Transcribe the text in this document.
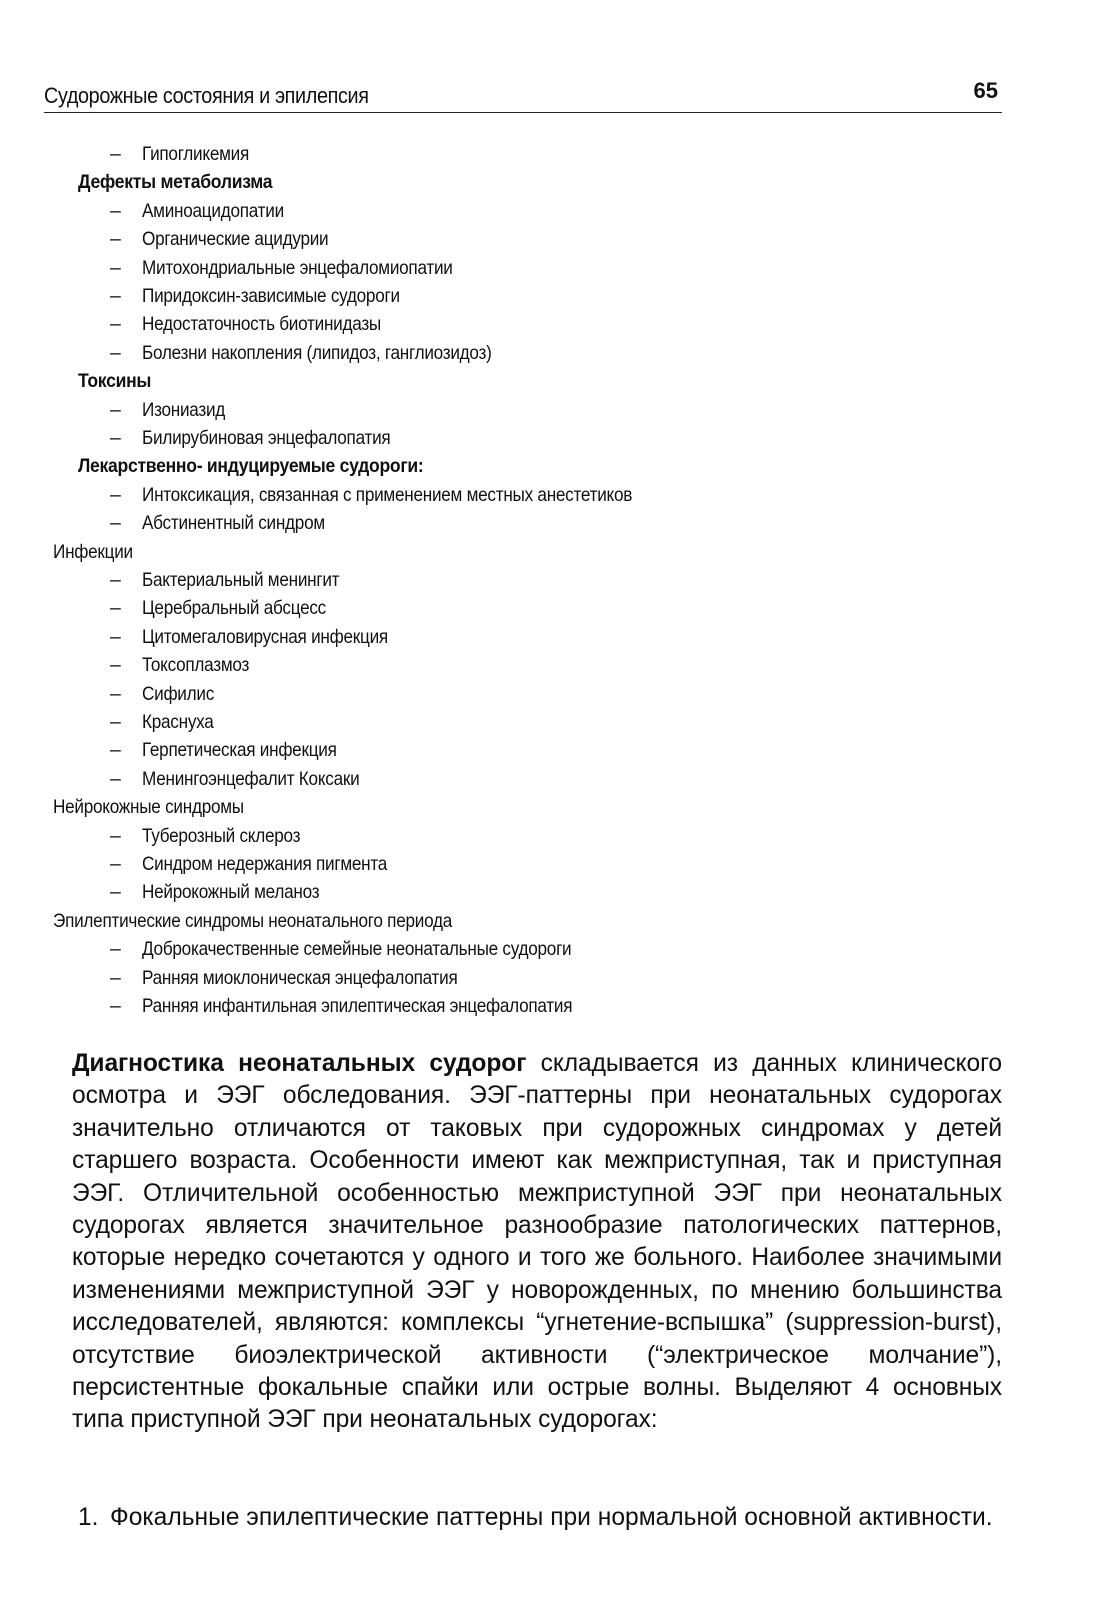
Судорожные состояния и эпилепсия	65
– Гипогликемия
Дефекты метаболизма
– Аминоацидопатии
– Органические ацидурии
– Митохондриальные энцефаломиопатии
– Пиридоксин-зависимые судороги
– Недостаточность биотинидазы
– Болезни накопления (липидоз, ганглиозидоз)
Токсины
– Изониазид
– Билирубиновая энцефалопатия
Лекарственно- индуцируемые судороги:
– Интоксикация, связанная с применением местных анестетиков
– Абстинентный синдром
Инфекции
– Бактериальный менингит
– Церебральный абсцесс
– Цитомегаловирусная инфекция
– Токсоплазмоз
– Сифилис
– Краснуха
– Герпетическая инфекция
– Менингоэнцефалит Коксаки
Нейрокожные синдромы
– Туберозный склероз
– Синдром недержания пигмента
– Нейрокожный меланоз
Эпилептические синдромы неонатального периода
– Доброкачественные семейные неонатальные судороги
– Ранняя миоклоническая энцефалопатия
– Ранняя инфантильная эпилептическая энцефалопатия
Диагностика неонатальных судорог складывается из данных клинического осмотра и ЭЭГ обследования. ЭЭГ-паттерны при неонатальных судорогах значительно отличаются от таковых при судорожных синдромах у детей старшего возраста. Особенности имеют как межприступная, так и приступная ЭЭГ. Отличительной особенностью межприступной ЭЭГ при неонатальных судорогах является значительное разнообразие патологических паттернов, которые нередко сочетаются у одного и того же больного. Наиболее значимыми изменениями межприступной ЭЭГ у новорожденных, по мнению большинства исследователей, являются: комплексы “угнетение-вспышка” (suppression-burst), отсутствие биоэлектрической активности (“электрическое молчание”), персистентные фокальные спайки или острые волны. Выделяют 4 основных типа приступной ЭЭГ при неонатальных судорогах:
1. Фокальные эпилептические паттерны при нормальной основной активности.
